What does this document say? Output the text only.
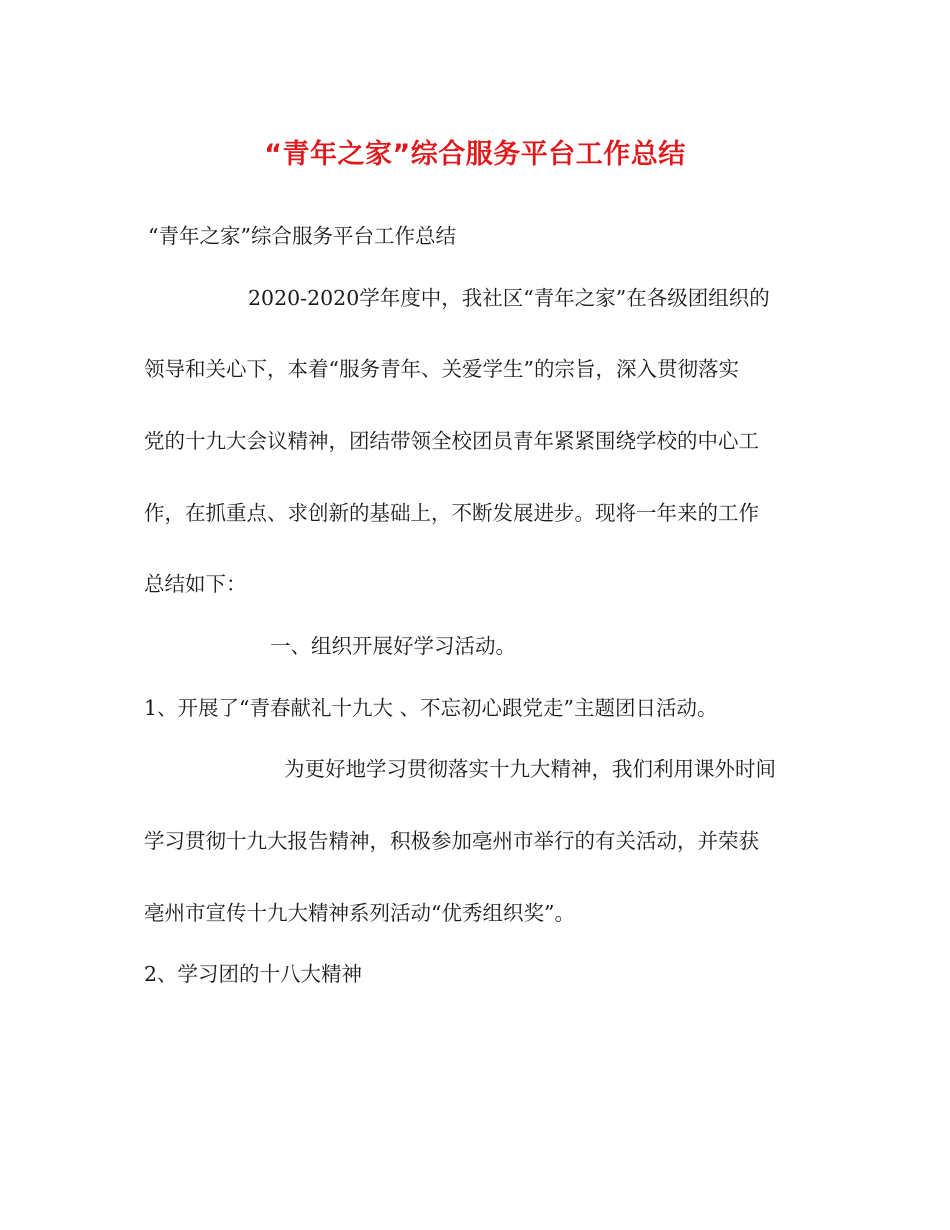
“青年之家”综合服务平台工作总结
“青年之家”综合服务平台工作总结
2020-2020学年度中，我社区“青年之家”在各级团组织的
领导和关心下，本着“服务青年、关爱学生”的宗旨，深入贯彻落实
党的十九大会议精神，团结带领全校团员青年紧紧围绕学校的中心工
作，在抓重点、求创新的基础上，不断发展进步。现将一年来的工作
总结如下：
一、组织开展好学习活动。
1、开展了“青春献礼十九大 、不忘初心跟党走”主题团日活动。
为更好地学习贯彻落实十九大精神，我们利用课外时间
学习贯彻十九大报告精神，积极参加亳州市举行的有关活动，并荣获
亳州市宣传十九大精神系列活动“优秀组织奖”。
2、学习团的十八大精神
